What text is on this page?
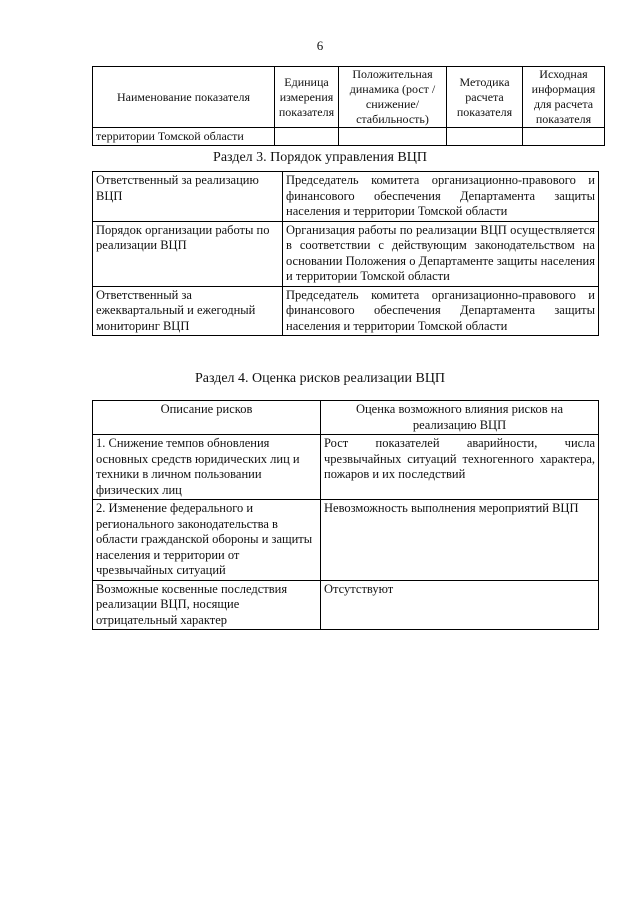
6
Наименование показателя	Единица измерения показателя	Положительная динамика (рост / снижение/ стабильность)	Методика расчета показателя	Исходная информация для расчета показателя
территории Томской области				
Раздел 3. Порядок управления ВЦП
Ответственный за реализацию ВЦП	Председатель комитета организационно-правового и финансового обеспечения Департамента защиты населения и территории Томской области
Порядок организации работы по реализации ВЦП	Организация работы по реализации ВЦП осуществляется в соответствии с действующим законодательством на основании Положения о Департаменте защиты населения и территории Томской области
Ответственный за ежеквартальный и ежегодный мониторинг ВЦП	Председатель комитета организационно-правового и финансового обеспечения Департамента защиты населения и территории Томской области
Раздел 4. Оценка рисков реализации ВЦП
Описание рисков	Оценка возможного влияния рисков на реализацию ВЦП
1. Снижение темпов обновления основных средств юридических лиц и техники в личном пользовании физических лиц	Рост показателей аварийности, числа чрезвычайных ситуаций техногенного характера, пожаров и их последствий
2. Изменение федерального и регионального законодательства в области гражданской обороны и защиты населения и территории от чрезвычайных ситуаций	Невозможность выполнения мероприятий ВЦП
Возможные косвенные последствия реализации ВЦП, носящие отрицательный характер	Отсутствуют
